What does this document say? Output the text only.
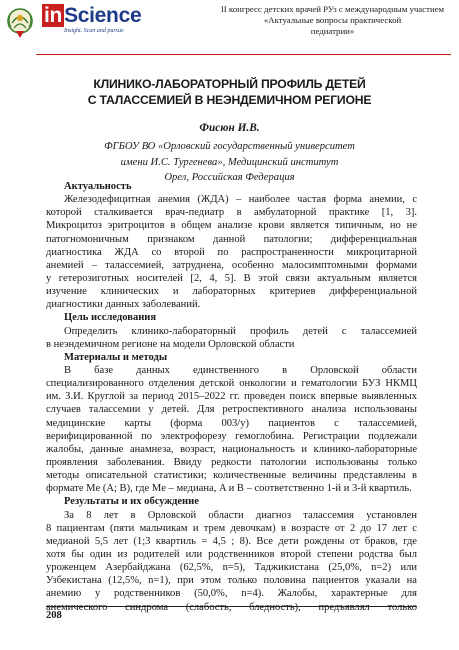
inScience
Insight. Scan and pursue
II конгресс детских врачей РУз с международным участием
«Актуальные вопросы практической
педиатрии»
КЛИНИКО-ЛАБОРАТОРНЫЙ ПРОФИЛЬ ДЕТЕЙ
С ТАЛАССЕМИЕЙ В НЕЭНДЕМИЧНОМ РЕГИОНЕ
Фисюн И.В.
ФГБОУ ВО «Орловский государственный университет
имени И.С. Тургенева», Медицинский институт
Орел, Российская Федерация
Актуальность
Железодефицитная анемия (ЖДА) – наиболее частая форма анемии, с
которой сталкивается врач-педиатр в амбулаторной практике [1, 3].
Микроцитоз эритроцитов в общем анализе крови является типичным, но не
патогномоничным признаком данной патологии; дифференциальная
диагностика ЖДА со второй по распространенности микроцитарной
анемией – талассемией, затруднена, особенно малосимптомными формами
у гетерозиготных носителей [2, 4, 5]. В этой связи актуальным является
изучение клинических и лабораторных критериев дифференциальной
диагностики данных заболеваний.
Цель исследования
Определить клинико-лабораторный профиль детей с талассемией
в неэндемичном регионе на модели Орловской области
Материалы и методы
В базе данных единственного в Орловской области
специализированного отделения детской онкологии и гематологии БУЗ НКМЦ
им. З.И. Круглой за период 2015–2022 гг. проведен поиск впервые выявленных
случаев талассемии у детей. Для ретроспективного анализа использованы
медицинские карты (форма 003/у) пациентов с талассемией,
верифицированной по электрофорезу гемоглобина. Регистрации подлежали
жалобы, данные анамнеза, возраст, национальность и клинико-лабораторные
проявления заболевания. Ввиду редкости патологии использованы только
методы описательной статистики; количественные величины представлены в
формате Me (A; B), где Me – медиана, A и B – соответственно 1-й и 3-й квартиль.
Результаты и их обсуждение
За 8 лет в Орловской области диагноз талассемия установлен
8 пациентам (пяти мальчикам и трем девочкам) в возрасте от 2 до 17 лет с
медианой 5,5 лет (1;3 квартиль = 4,5 ; 8). Все дети рождены от браков, где
хотя бы один из родителей или родственников второй степени родства был
уроженцем Азербайджана (62,5%, n=5), Таджикистана (25,0%, n=2) или
Узбекистана (12,5%, n=1), при этом только половина пациентов указали на
анемию у родственников (50,0%, n=4). Жалобы, характерные для
анемического синдрома (слабость, бледность), предъявлял только
208
